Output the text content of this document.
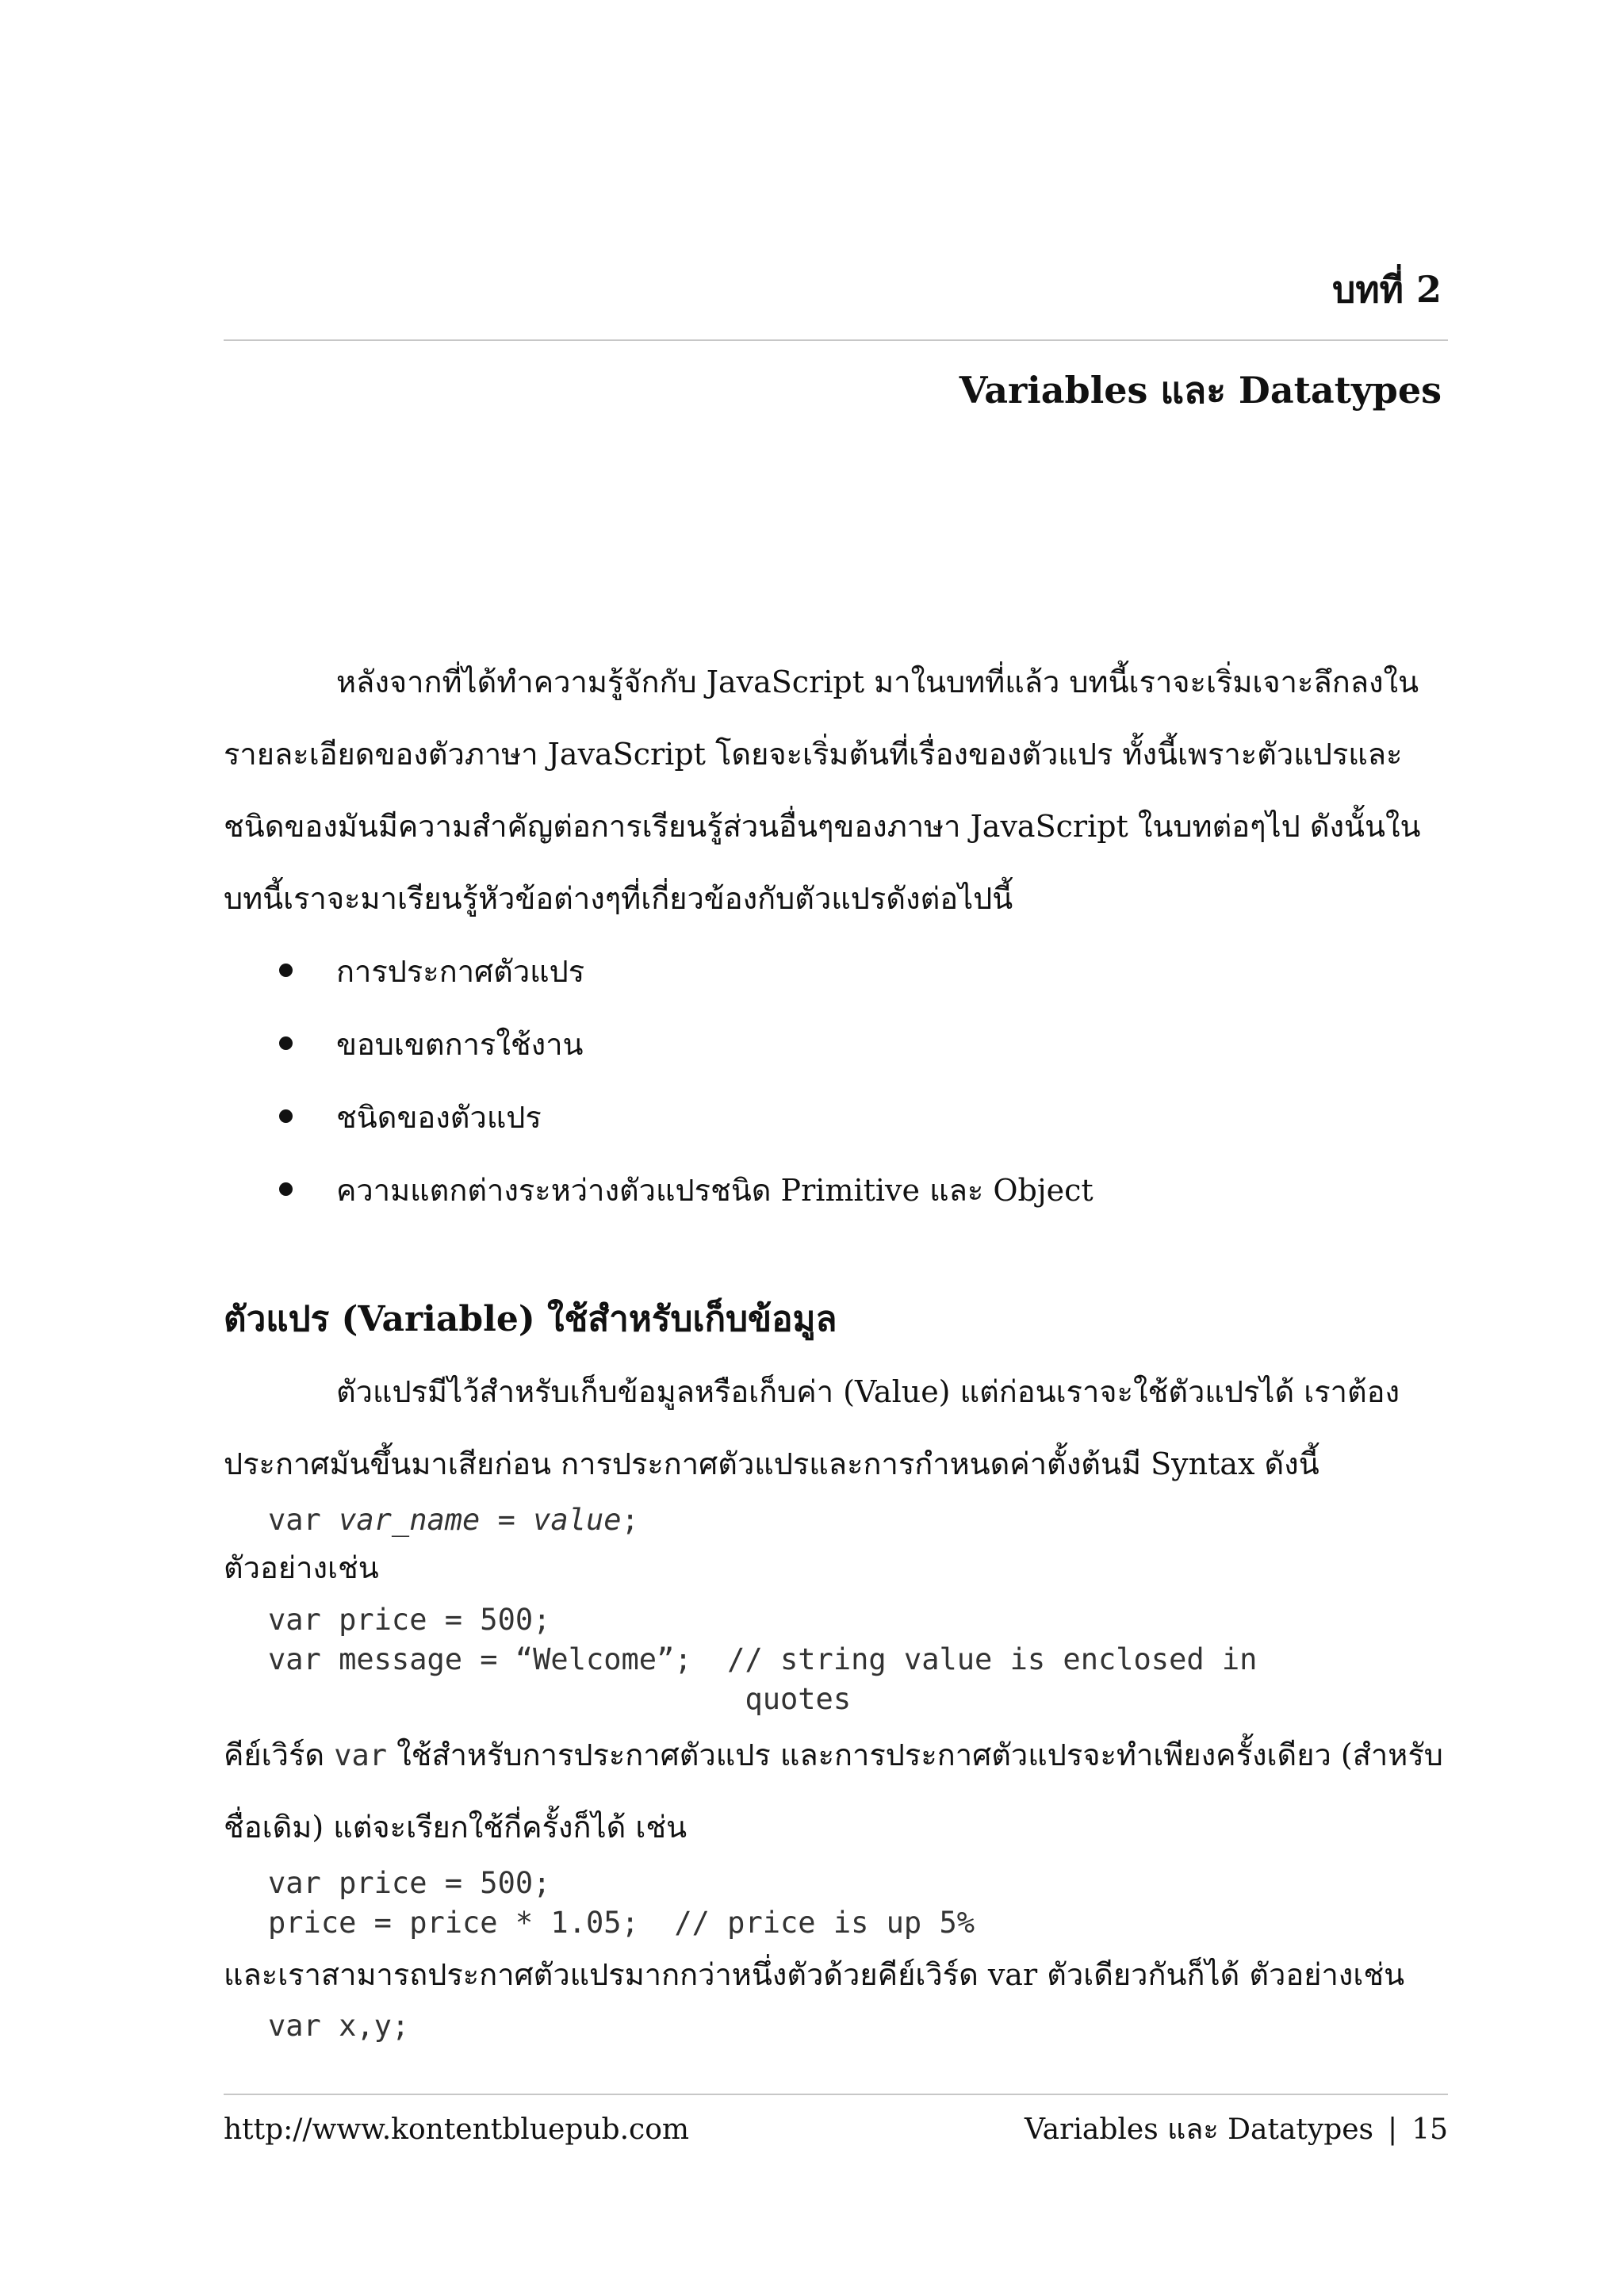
บทที่ 2
Variables และ Datatypes

หลังจากที่ได้ทำความรู้จักกับ JavaScript มาในบทที่แล้ว บทนี้เราจะเริ่มเจาะลึกลงในรายละเอียดของตัวภาษา JavaScript โดยจะเริ่มต้นที่เรื่องของตัวแปร ทั้งนี้เพราะตัวแปรและชนิดของมันมีความสำคัญต่อการเรียนรู้ส่วนอื่นๆของภาษา JavaScript ในบทต่อๆไป ดังนั้นในบทนี้เราจะมาเรียนรู้หัวข้อต่างๆที่เกี่ยวข้องกับตัวแปรดังต่อไปนี้

การประกาศตัวแปร
ขอบเขตการใช้งาน
ชนิดของตัวแปร
ความแตกต่างระหว่างตัวแปรชนิด Primitive และ Object
ตัวแปร (Variable) ใช้สำหรับเก็บข้อมูล

ตัวแปรมีไว้สำหรับเก็บข้อมูลหรือเก็บค่า (Value) แต่ก่อนเราจะใช้ตัวแปรได้ เราต้องประกาศมันขึ้นมาเสียก่อน การประกาศตัวแปรและการกำหนดค่าตั้งต้นมี Syntax ดังนี้

var var_name = value;

ตัวอย่างเช่น

var price = 500;
var message = “Welcome”;  // string value is enclosed in
quotes

คีย์เวิร์ด var ใช้สำหรับการประกาศตัวแปร และการประกาศตัวแปรจะทำเพียงครั้งเดียว (สำหรับชื่อเดิม) แต่จะเรียกใช้กี่ครั้งก็ได้ เช่น

var price = 500;
price = price * 1.05;  // price is up 5%

และเราสามารถประกาศตัวแปรมากกว่าหนึ่งตัวด้วยคีย์เวิร์ด var ตัวเดียวกันก็ได้ ตัวอย่างเช่น

var x,y;
http://www.kontentbluepub.com	Variables และ Datatypes | 15
